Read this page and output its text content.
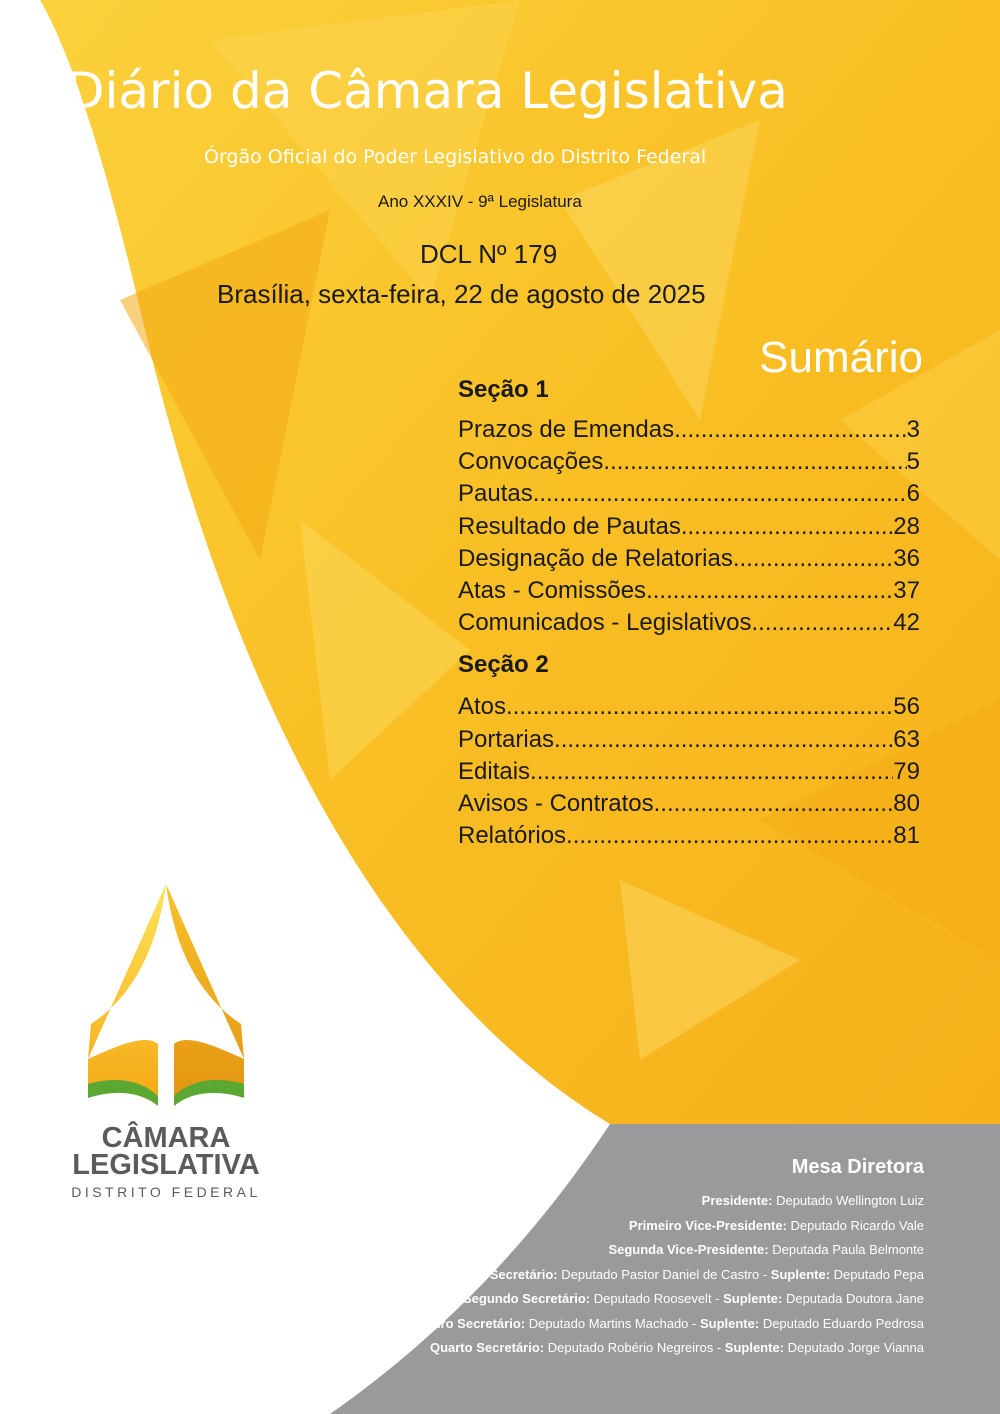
Diário da Câmara Legislativa
Órgão Oficial do Poder Legislativo do Distrito Federal
Ano XXXIV - 9ª Legislatura
DCL Nº 179
Brasília, sexta-feira, 22 de agosto de 2025
Sumário
Seção 1
Prazos de Emendas .....	3
Convocações .....	5
Pautas .....	6
Resultado de Pautas .....	28
Designação de Relatorias .....	36
Atas - Comissões .....	37
Comunicados - Legislativos .....	42
Seção 2
Atos .....	56
Portarias .....	63
Editais .....	79
Avisos - Contratos .....	80
Relatórios .....	81
CÂMARA
LEGISLATIVA
DISTRITO FEDERAL
Mesa Diretora
Presidente: Deputado Wellington Luiz
Primeiro Vice-Presidente: Deputado Ricardo Vale
Segunda Vice-Presidente: Deputada Paula Belmonte
Primeiro Secretário: Deputado Pastor Daniel de Castro - Suplente: Deputado Pepa
Segundo Secretário: Deputado Roosevelt - Suplente: Deputada Doutora Jane
Terceiro Secretário: Deputado Martins Machado - Suplente: Deputado Eduardo Pedrosa
Quarto Secretário: Deputado Robério Negreiros - Suplente: Deputado Jorge Vianna
